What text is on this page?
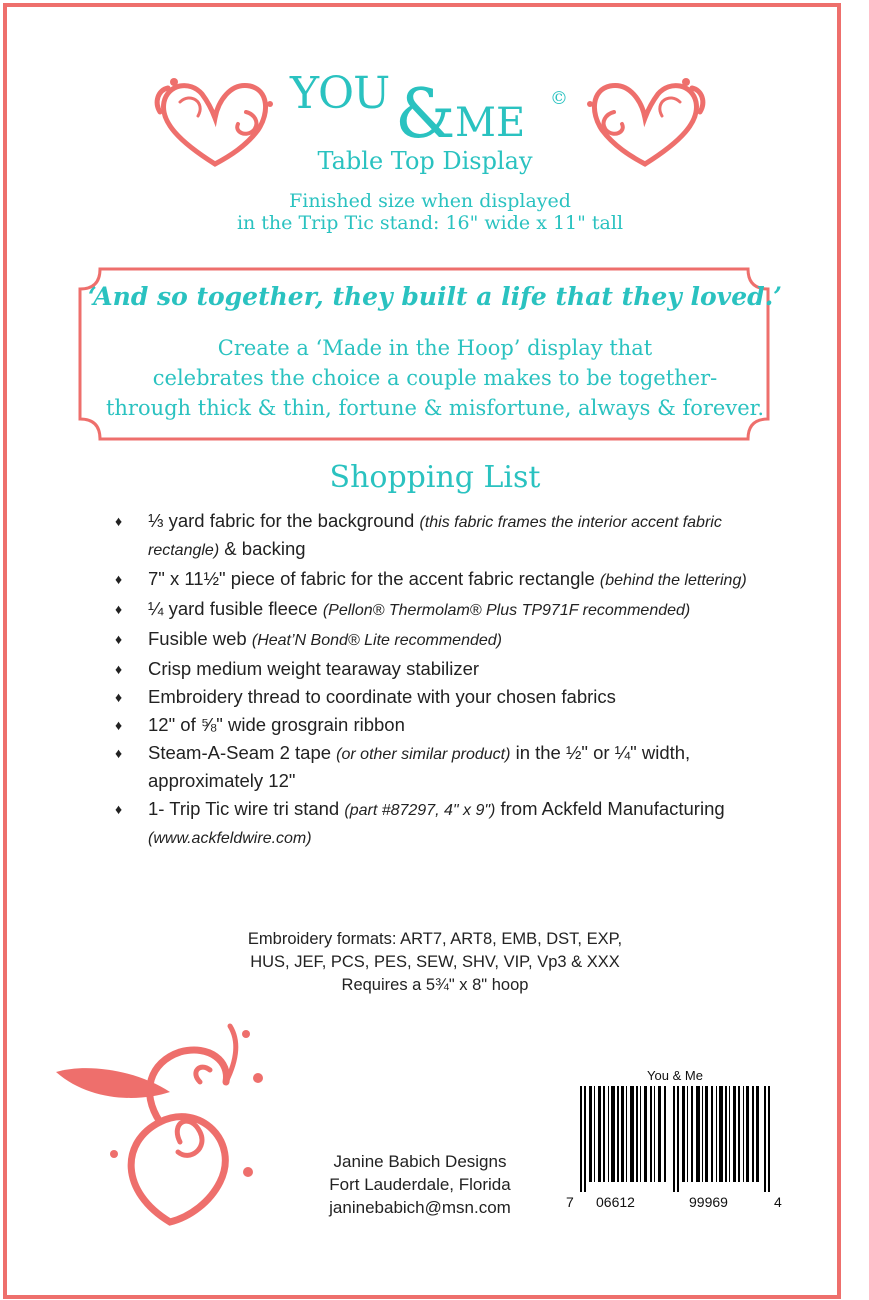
YOU & ME
©
Table Top Display
Finished size when displayed
in the Trip Tic stand: 16" wide x 11" tall
‘And so together, they built a life that they loved.’
Create a ‘Made in the Hoop’ display that
celebrates the choice a couple makes to be together-
through thick & thin, fortune & misfortune, always & forever.
Shopping List
♦ ⅓ yard fabric for the background (this fabric frames the interior accent fabric rectangle) & backing
♦ 7" x 11½" piece of fabric for the accent fabric rectangle (behind the lettering)
♦ ¼ yard fusible fleece (Pellon® Thermolam® Plus TP971F recommended)
♦ Fusible web (Heat’N Bond® Lite recommended)
♦ Crisp medium weight tearaway stabilizer
♦ Embroidery thread to coordinate with your chosen fabrics
♦ 12" of ⅝" wide grosgrain ribbon
♦ Steam-A-Seam 2 tape (or other similar product) in the ½" or ¼" width, approximately 12"
♦ 1- Trip Tic wire tri stand (part #87297, 4" x 9") from Ackfeld Manufacturing (www.ackfeldwire.com)
Embroidery formats: ART7, ART8, EMB, DST, EXP,
HUS, JEF, PCS, PES, SEW, SHV, VIP, Vp3 & XXX
Requires a 5¾" x 8" hoop
Janine Babich Designs
Fort Lauderdale, Florida
janinebabich@msn.com
You & Me
7 06612	99969	4
